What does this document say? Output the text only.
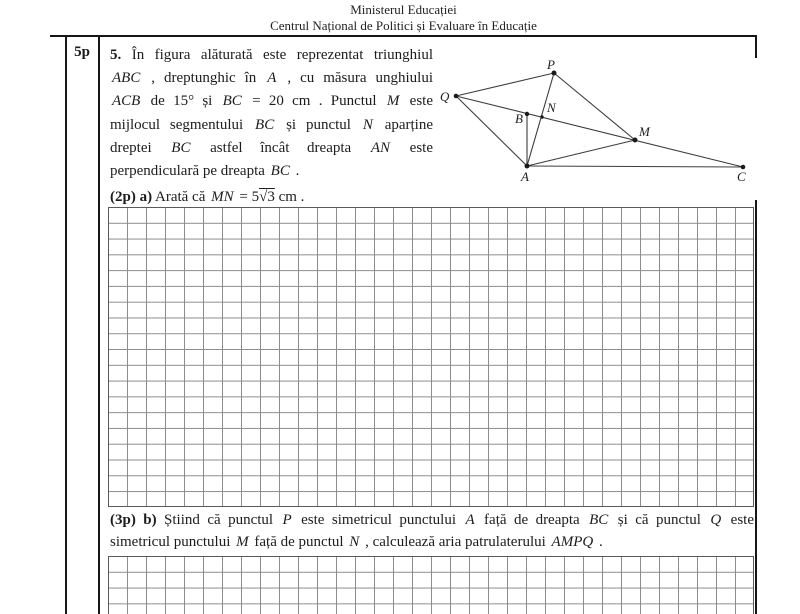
Ministerul Educației
Centrul Național de Politici și Evaluare în Educație
5p	5. În figura alăturată este reprezentat triunghiul
ABC , dreptunghic în A , cu măsura unghiului
ACB de 15° și BC = 20 cm . Punctul M este
mijlocul segmentului BC și punctul N aparține
dreptei BC astfel încât dreapta AN este
perpendiculară pe dreapta BC .
(2p) a) Arată că MN = 5 √ 3 cm .
Q
P
B
N
M
A	C
(3p) b) Știind că punctul P este simetricul punctului A față de dreapta BC și că punctul Q este
simetricul punctului M față de punctul N , calculează aria patrulaterului AMPQ .
